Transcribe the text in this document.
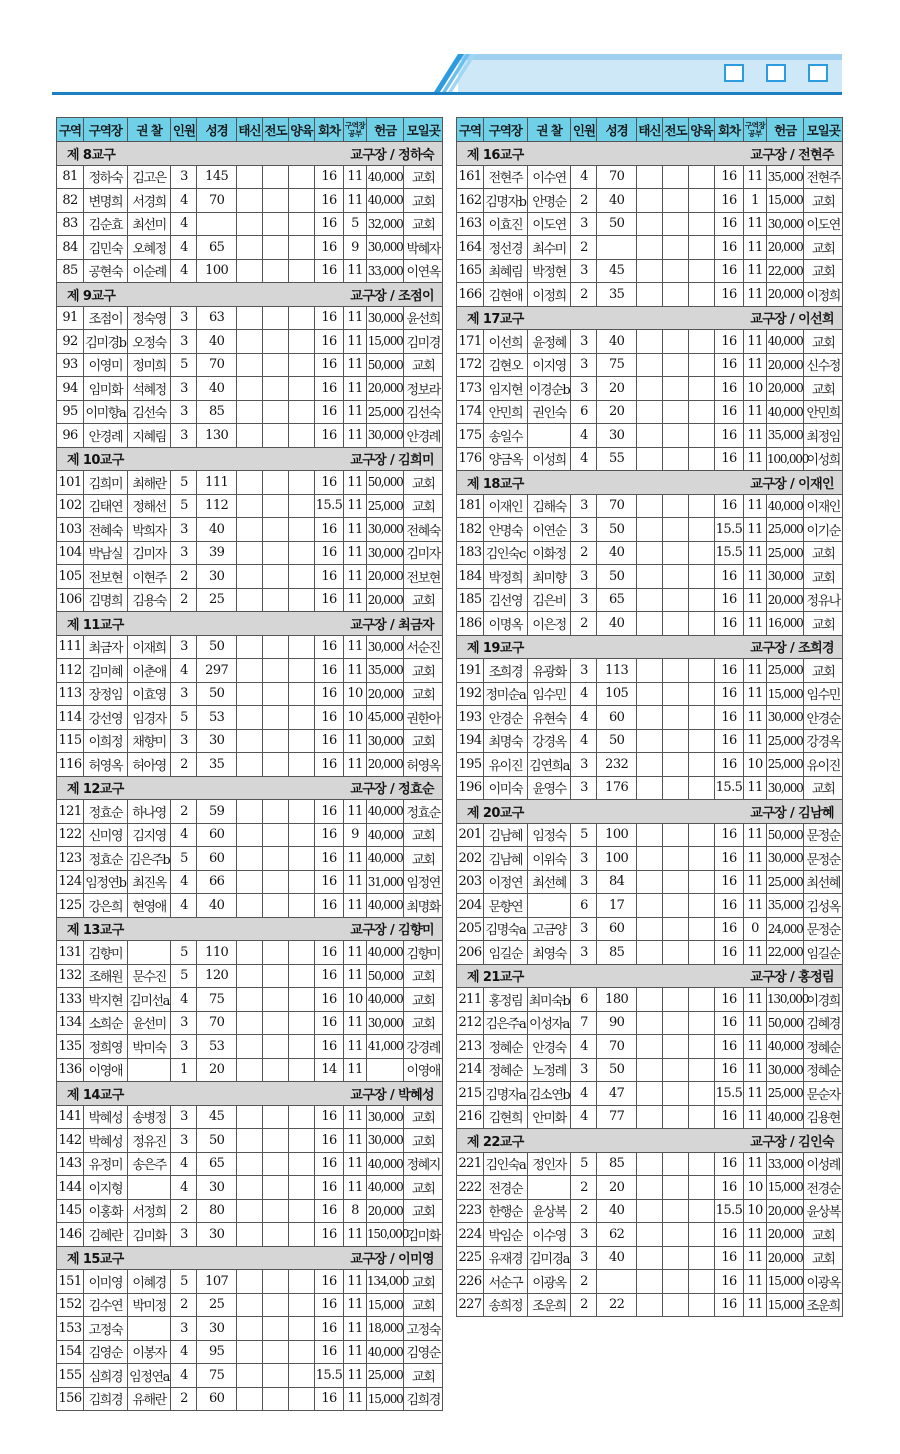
구역	구역장	권 찰	인원	성경	태신	전도	양육	회차	구역장
공부	헌금	모일곳

제 8교구 교구장 / 정하숙											

81	정하숙	김고은	3	145				16	11	40,000	교회
82	변명희	서경희	4	70				16	11	40,000	교회
83	김순효	최선미	4					16	5	32,000	교회
84	김민숙	오혜정	4	65				16	9	30,000	박혜자
85	공현숙	이순례	4	100				16	11	33,000	이연옥

제 9교구 교구장 / 조점이											

91	조점이	정숙영	3	63				16	11	30,000	윤선희
92	김미경b	오정숙	3	40				16	11	15,000	김미경
93	이영미	정미희	5	70				16	11	50,000	교회
94	임미화	석혜정	3	40				16	11	20,000	정보라
95	이미향a	김선숙	3	85				16	11	25,000	김선숙
96	안경례	지혜림	3	130				16	11	30,000	안경례

제 10교구 교구장 / 김희미											

101	김희미	최해란	5	111				16	11	50,000	교회
102	김태연	정해선	5	112				15.5	11	25,000	교회
103	전혜숙	박희자	3	40				16	11	30,000	전혜숙
104	박남실	김미자	3	39				16	11	30,000	김미자
105	전보현	이현주	2	30				16	11	20,000	전보현
106	김명희	김용숙	2	25				16	11	20,000	교회

제 11교구 교구장 / 최금자											

111	최금자	이재희	3	50				16	11	30,000	서순진
112	김미혜	이춘애	4	297				16	11	35,000	교회
113	장정임	이효영	3	50				16	10	20,000	교회
114	강선영	임경자	5	53				16	10	45,000	권한아
115	이희정	채향미	3	30				16	11	30,000	교회
116	허영옥	허아영	2	35				16	11	20,000	허영옥

제 12교구 교구장 / 정효순											

121	정효순	하나영	2	59				16	11	40,000	정효순
122	신미영	김지영	4	60				16	9	40,000	교회
123	정효순	김은주b	5	60				16	11	40,000	교회
124	임정연b	최진옥	4	66				16	11	31,000	임정연
125	강은희	현영애	4	40				16	11	40,000	최명화

제 13교구 교구장 / 김향미											

131	김향미		5	110				16	11	40,000	김향미
132	조해원	문수진	5	120				16	11	50,000	교회
133	박지현	김미선a	4	75				16	10	40,000	교회
134	소희순	윤선미	3	70				16	11	30,000	교회
135	정희영	박미숙	3	53				16	11	41,000	강경례
136	이영애		1	20				14	11		이영애

제 14교구 교구장 / 박혜성											

141	박혜성	송병정	3	45				16	11	30,000	교회
142	박혜성	정유진	3	50				16	11	30,000	교회
143	유정미	송은주	4	65				16	11	40,000	정혜지
144	이지형		4	30				16	11	40,000	교회
145	이홍화	서정희	2	80				16	8	20,000	교회
146	김혜란	김미화	3	30				16	11	150,000	김미화

제 15교구 교구장 / 이미영											

151	이미영	이혜경	5	107				16	11	134,000	교회
152	김수연	박미정	2	25				16	11	15,000	교회
153	고정숙		3	30				16	11	18,000	고정숙
154	김영순	이봉자	4	95				16	11	40,000	김영순
155	심희경	임정연a	4	75				15.5	11	25,000	교회
156	김희경	유해란	2	60				16	11	15,000	김희경
구역	구역장	권 찰	인원	성경	태신	전도	양육	회차	구역장
공부	헌금	모일곳

제 16교구 교구장 / 전현주											

161	전현주	이수연	4	70				16	11	35,000	전현주
162	김명자b	안명순	2	40				16	1	15,000	교회
163	이효진	이도연	3	50				16	11	30,000	이도연
164	정선경	최수미	2					16	11	20,000	교회
165	최혜림	박정현	3	45				16	11	22,000	교회
166	김현애	이정희	2	35				16	11	20,000	이정희

제 17교구 교구장 / 이선희											

171	이선희	윤정혜	3	40				16	11	40,000	교회
172	김현오	이지영	3	75				16	11	20,000	신수정
173	임지현	이경순b	3	20				16	10	20,000	교회
174	안민희	권인숙	6	20				16	11	40,000	안민희
175	송일수		4	30				16	11	35,000	최정임
176	양금옥	이성희	4	55				16	11	100,000	이성희

제 18교구 교구장 / 이재인											

181	이재인	김해숙	3	70				16	11	40,000	이재인
182	안명숙	이연순	3	50				15.5	11	25,000	이기순
183	김인숙c	이화정	2	40				15.5	11	25,000	교회
184	박정희	최미향	3	50				16	11	30,000	교회
185	김선영	김은비	3	65				16	11	20,000	정유나
186	이명옥	이은정	2	40				16	11	16,000	교회

제 19교구 교구장 / 조희경											

191	조희경	유광화	3	113				16	11	25,000	교회
192	정미순a	임수민	4	105				16	11	15,000	임수민
193	안경순	유현숙	4	60				16	11	30,000	안경순
194	최명숙	강경옥	4	50				16	11	25,000	강경옥
195	유이진	김연희a	3	232				16	10	25,000	유이진
196	이미숙	윤영수	3	176				15.5	11	30,000	교회

제 20교구 교구장 / 김남혜											

201	김남혜	임정숙	5	100				16	11	50,000	문정순
202	김남혜	이위숙	3	100				16	11	30,000	문정순
203	이정연	최선혜	3	84				16	11	25,000	최선혜
204	문향연		6	17				16	11	35,000	김성옥
205	김명숙a	고금양	3	60				16	0	24,000	문정순
206	임길순	최영숙	3	85				16	11	22,000	임길순

제 21교구 교구장 / 홍정림											

211	홍정림	최미숙b	6	180				16	11	130,000	이경희
212	김은주a	이성자a	7	90				16	11	50,000	김혜경
213	정혜순	안경숙	4	70				16	11	40,000	정혜순
214	정혜순	노정례	3	50				16	11	30,000	정혜순
215	김명자a	김소연b	4	47				15.5	11	25,000	문순자
216	김현희	안미화	4	77				16	11	40,000	김용현

제 22교구 교구장 / 김인숙											

221	김인숙a	정인자	5	85				16	11	33,000	이성례
222	전경순		2	20				16	10	15,000	전경순
223	한행순	윤상복	2	40				15.5	10	20,000	윤상복
224	박임순	이수영	3	62				16	11	20,000	교회
225	유재경	김미경a	3	40				16	11	20,000	교회
226	서순구	이광옥	2					16	11	15,000	이광옥
227	송희정	조운희	2	22				16	11	15,000	조운희
